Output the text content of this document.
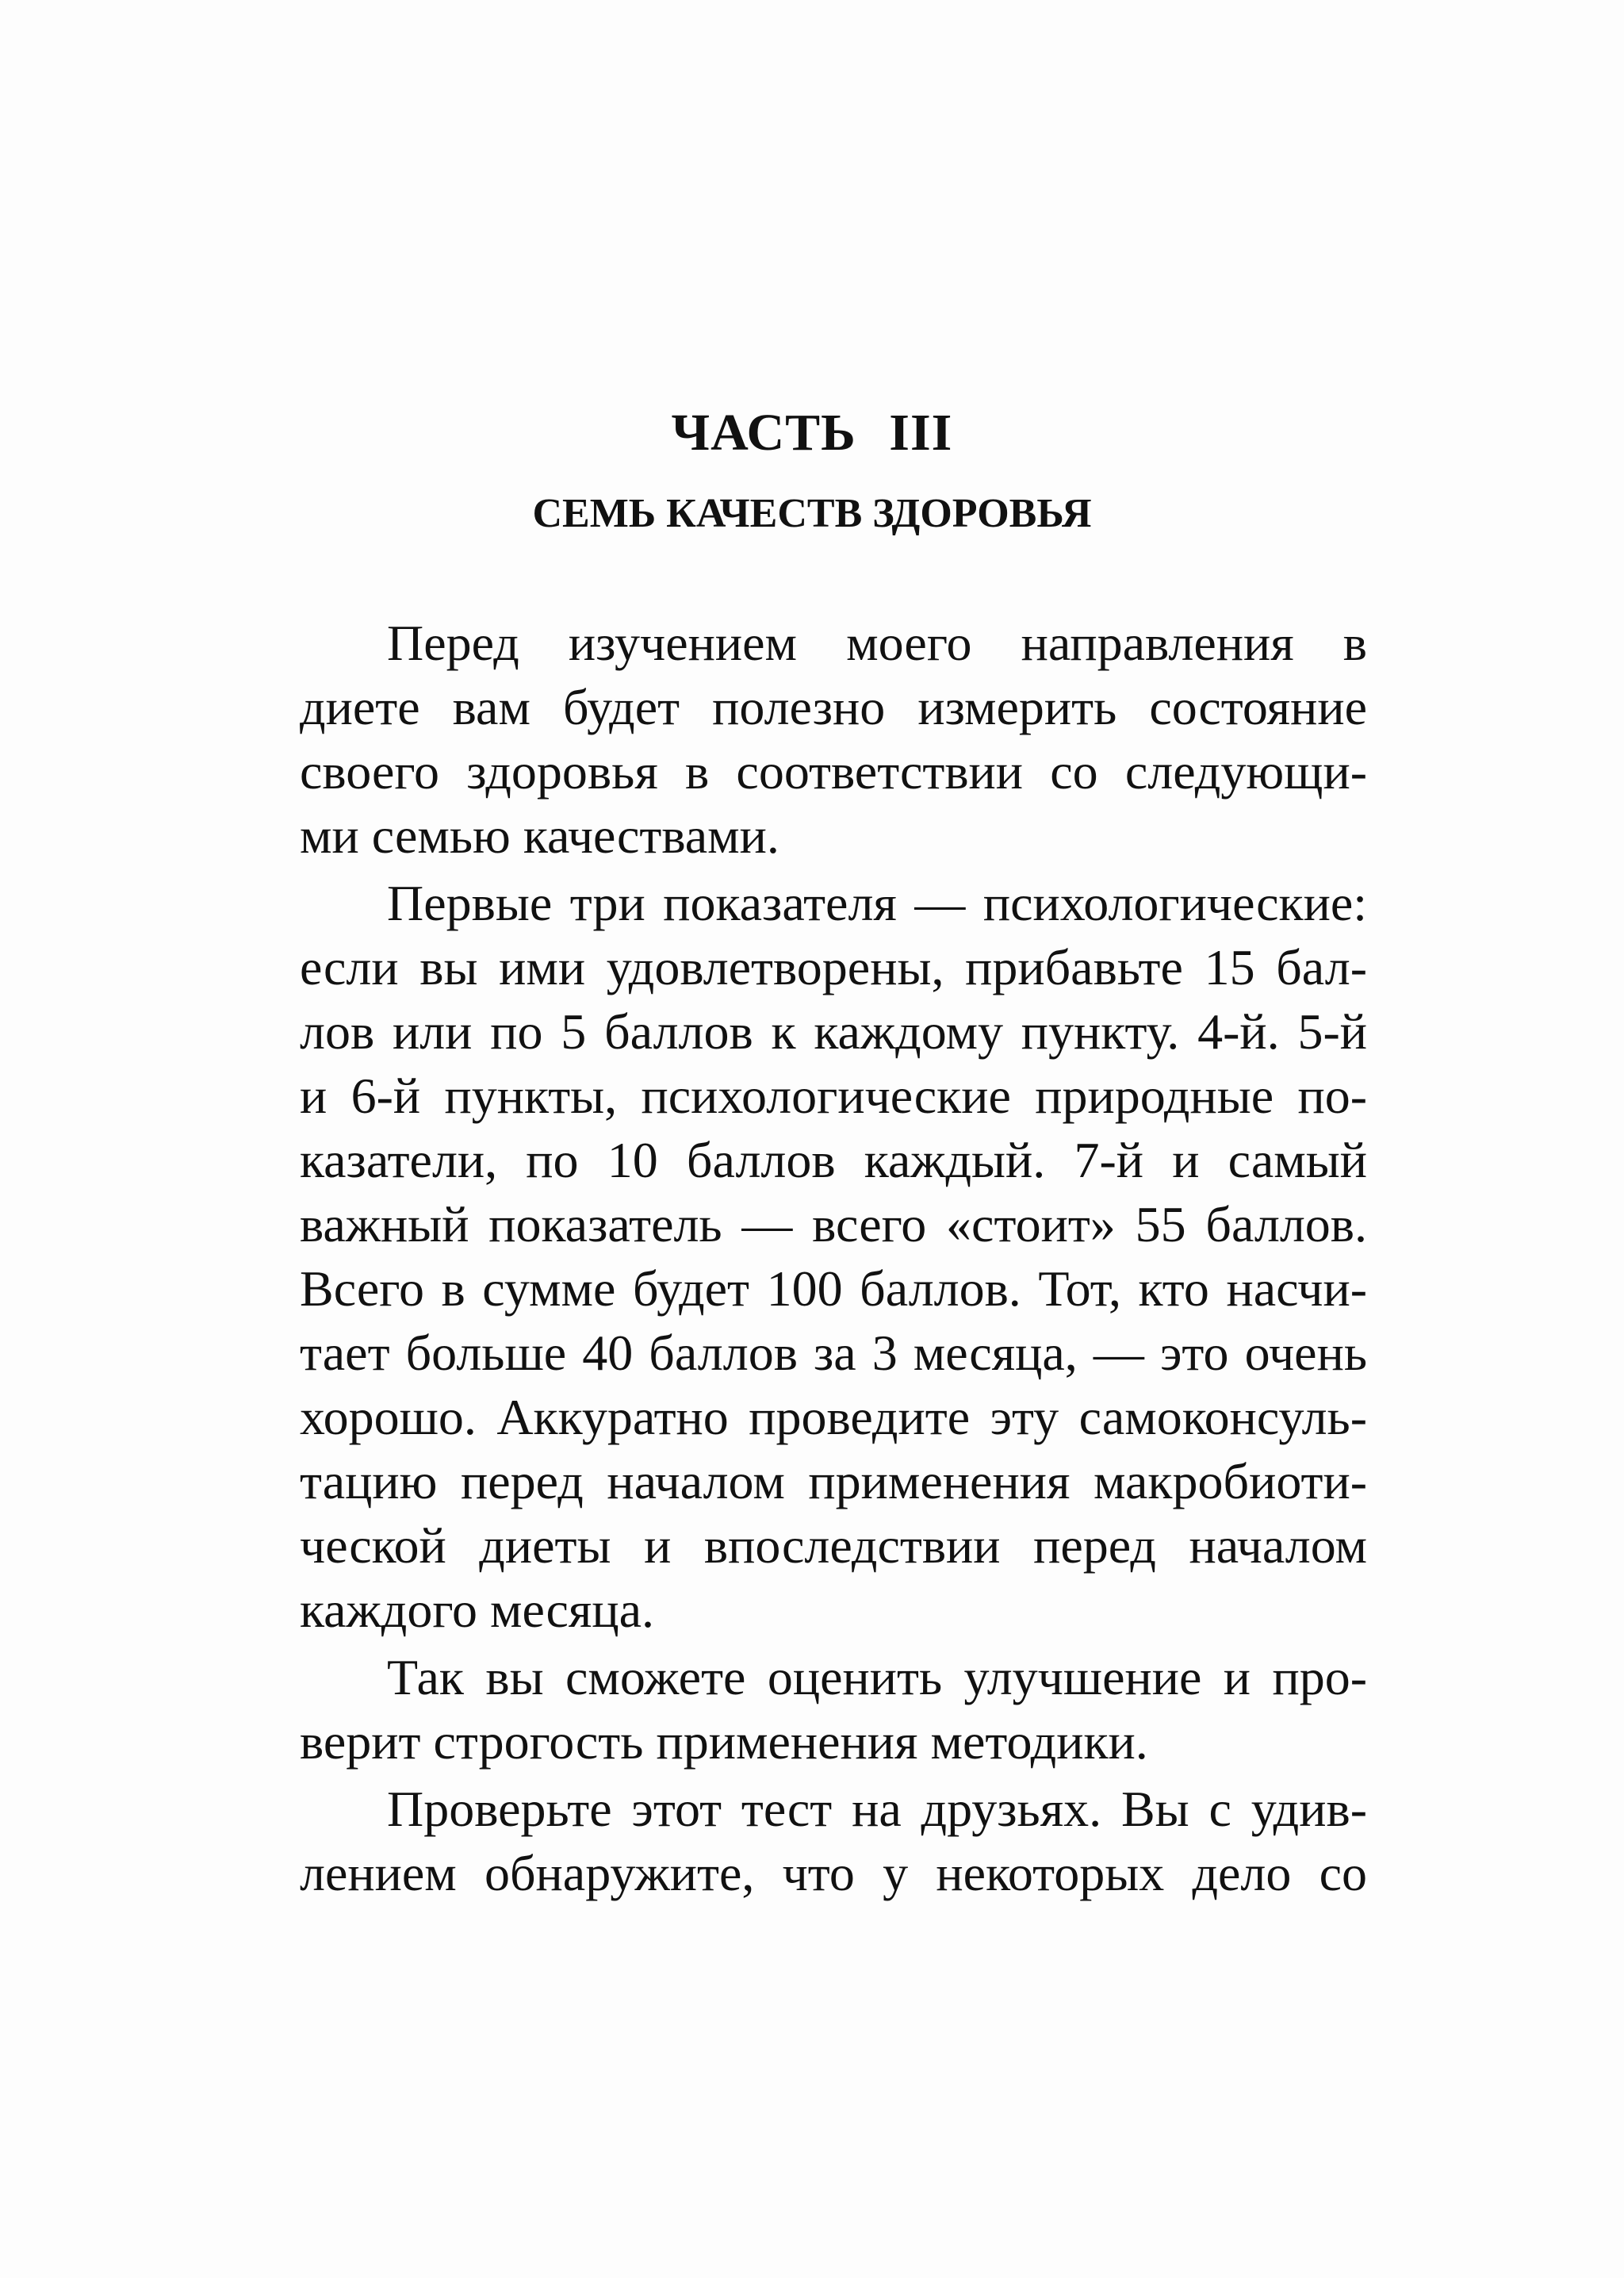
ЧАСТЬ III
СЕМЬ КАЧЕСТВ ЗДОРОВЬЯ
Перед изучением моего направления в
диете вам будет полезно измерить состояние
своего здоровья в соответствии со следующи-
ми семью качествами.
Первые три показателя — психологические:
если вы ими удовлетворены, прибавьте 15 бал-
лов или по 5 баллов к каждому пункту. 4-й. 5-й
и 6-й пункты, психологические природные по-
казатели, по 10 баллов каждый. 7-й и самый
важный показатель — всего «стоит» 55 баллов.
Всего в сумме будет 100 баллов. Тот, кто насчи-
тает больше 40 баллов за 3 месяца, — это очень
хорошо. Аккуратно проведите эту самоконсуль-
тацию перед началом применения макробиоти-
ческой диеты и впоследствии перед началом
каждого месяца.
Так вы сможете оценить улучшение и про-
верит строгость применения методики.
Проверьте этот тест на друзьях. Вы с удив-
лением обнаружите, что у некоторых дело со
